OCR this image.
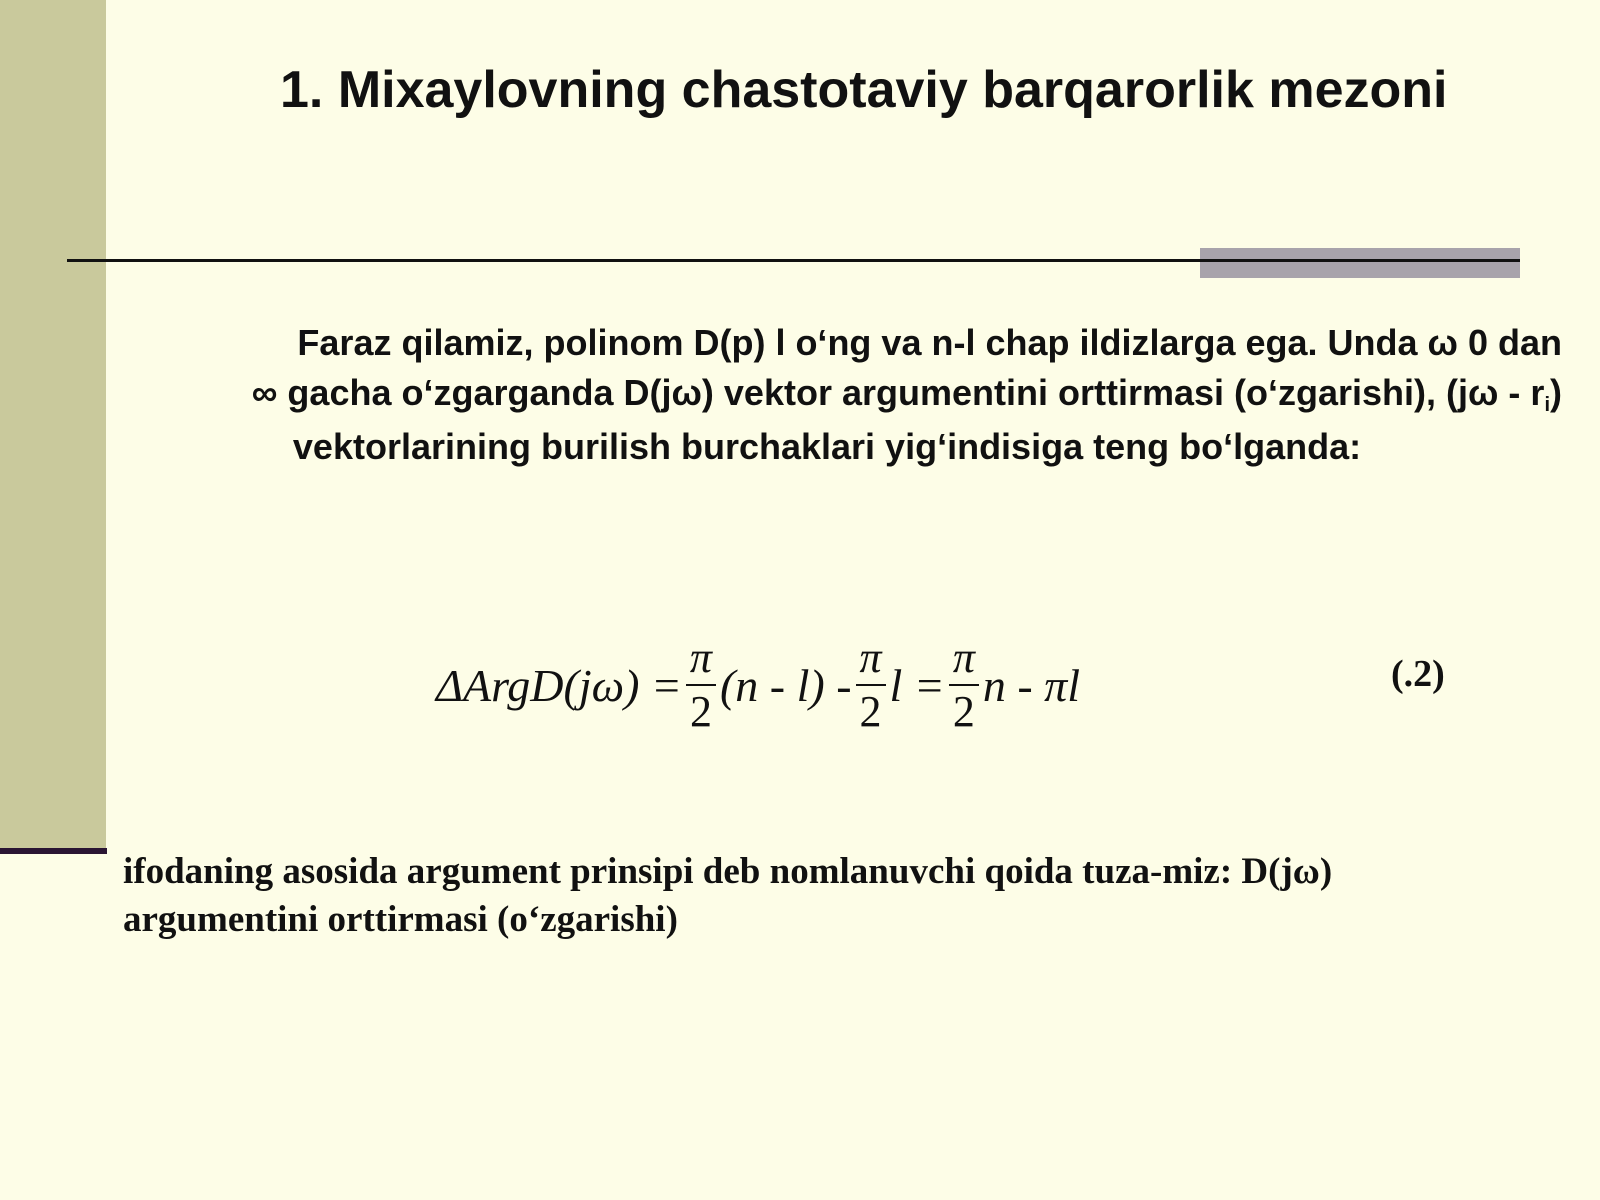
1. Mixaylovning chastotaviy barqarorlik mezoni
Faraz qilamiz, polinom D(p) l o‘ng va n-l chap ildizlarga ega. Unda ω 0 dan
∞ gacha o‘zgarganda D(jω) vektor argumentini orttirmasi (o‘zgarishi), $(j\omega - r_i)$
vektorlarining burilish burchaklari yig‘indisiga teng bo‘lganda:
ΔArgD(jω) = $\frac{\pi}{2} (n - l) - \frac{\pi}{2}$ $l = \frac{\pi}{2}$ n - πl	(.2)
ifodaning asosida argument prinsipi deb nomlanuvchi qoida tuza-miz: D(jω)
argumentini orttirmasi (o‘zgarishi)
